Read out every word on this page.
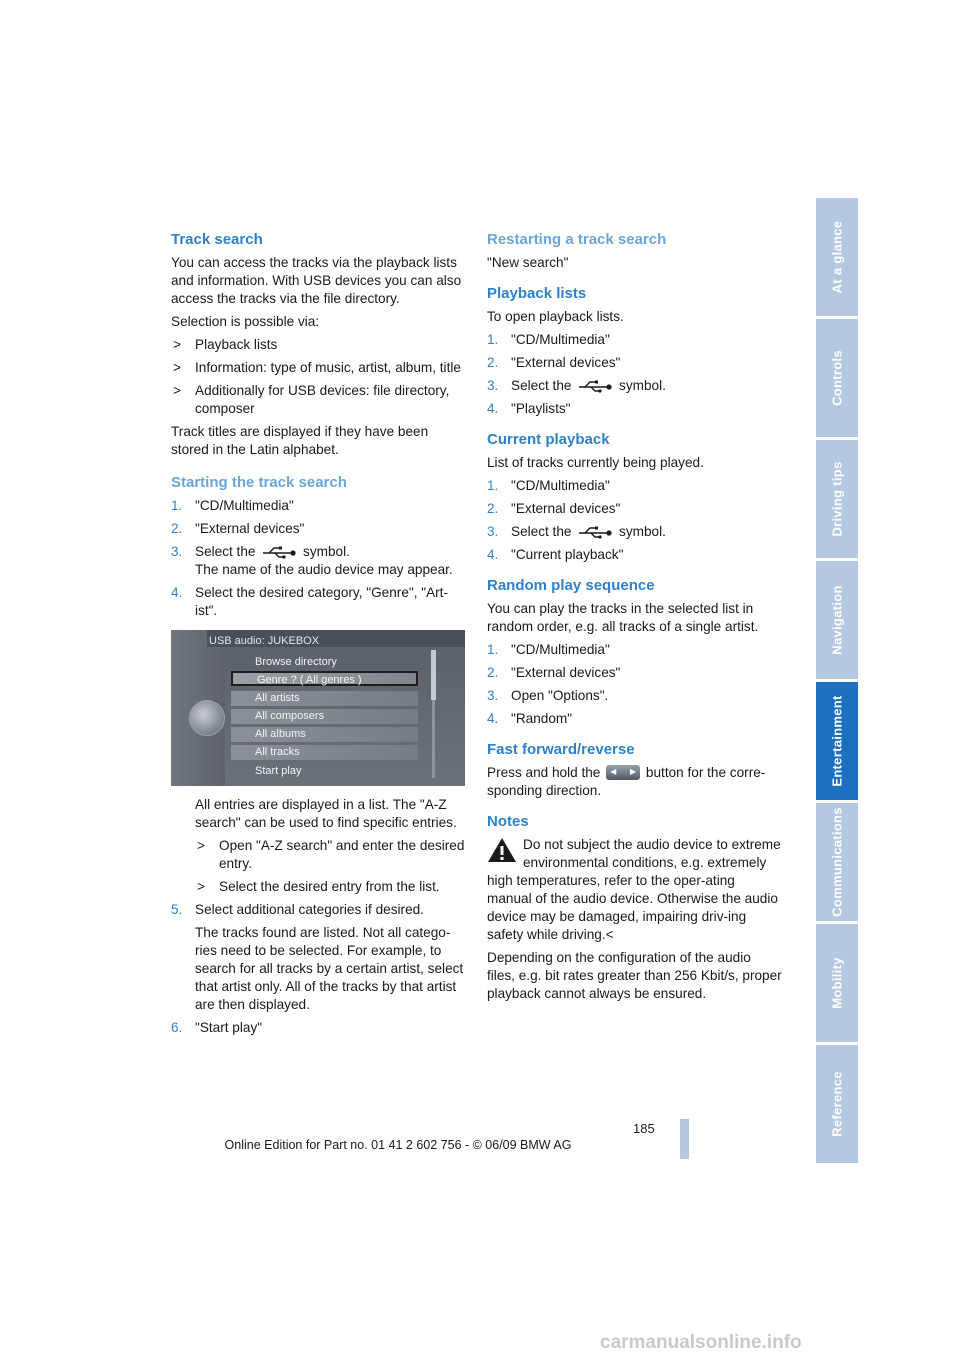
Track search

You can access the tracks via the playback lists and information. With USB devices you can also access the tracks via the file directory.

Selection is possible via:

> Playback lists
> Information: type of music, artist, album, title
> Additionally for USB devices: file directory, composer

Track titles are displayed if they have been stored in the Latin alphabet.

Starting the track search
1. "CD/Multimedia"
2. "External devices"
3. Select the	symbol.
The name of the audio device may appear.
4. Select the desired category, "Genre", "Art-ist".
USB audio: JUKEBOX
Browse directory
Genre ? ( All genres )
All artists
All composers
All albums
All tracks
Start play

All entries are displayed in a list. The "A-Z search" can be used to find specific entries.

> Open "A-Z search" and enter the desired entry.
> Select the desired entry from the list.
5. Select additional categories if desired.

The tracks found are listed. Not all catego-ries need to be selected. For example, to search for all tracks by a certain artist, select that artist only. All of the tracks by that artist are then displayed.

6. "Start play"
Restarting a track search

"New search"

Playback lists

To open playback lists.

1. "CD/Multimedia"
2. "External devices"
3. Select the	symbol.
4. "Playlists"
Current playback

List of tracks currently being played.

1. "CD/Multimedia"
2. "External devices"
3. Select the	symbol.
4. "Current playback"
Random play sequence

You can play the tracks in the selected list in random order, e.g. all tracks of a single artist.

1. "CD/Multimedia"
2. "External devices"
3. Open "Options".
4. "Random"
Fast forward/reverse

Press and hold the ◀ ▶ button for the corre-sponding direction.

Notes

Do not subject the audio device to extreme environmental conditions, e.g. extremely high temperatures, refer to the oper-ating manual of the audio device. Otherwise the audio device may be damaged, impairing driv-ing safety while driving.<

Depending on the configuration of the audio files, e.g. bit rates greater than 256 Kbit/s, proper playback cannot always be ensured.

At a glance
Controls
Driving tips
Navigation
Entertainment
Communications
Mobility
Reference
185
Online Edition for Part no. 01 41 2 602 756 - © 06/09 BMW AG
carmanualsonline.info
